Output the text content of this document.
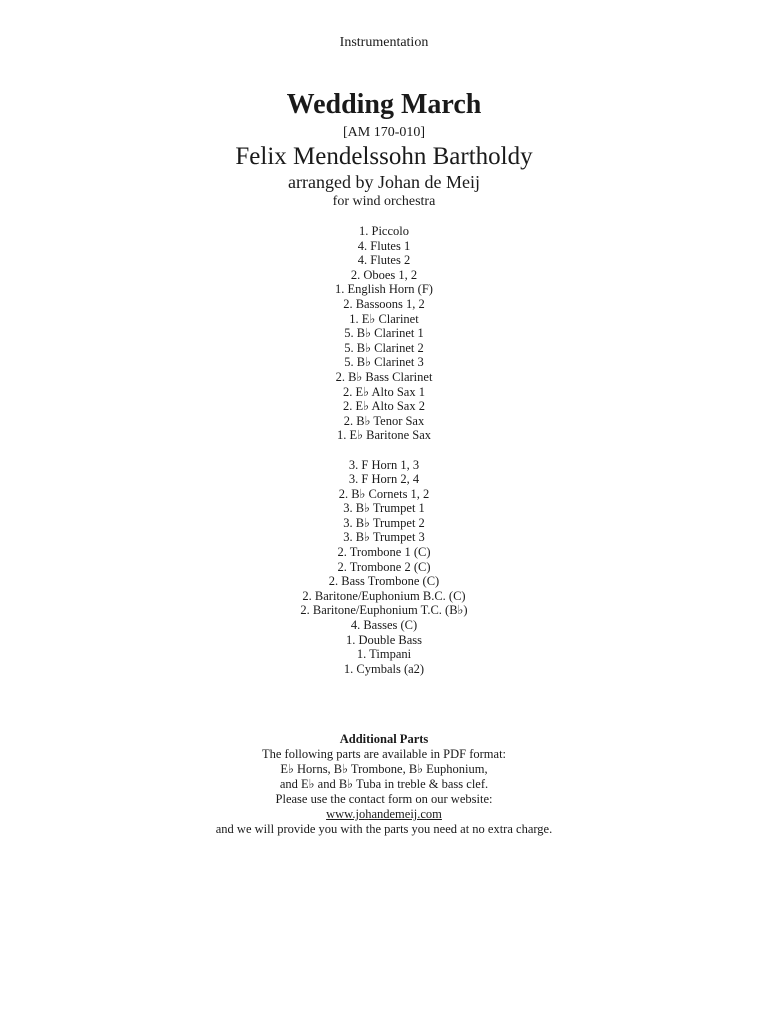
Instrumentation
Wedding March
[AM 170-010]
Felix Mendelssohn Bartholdy
arranged by Johan de Meij
for wind orchestra
1. Piccolo
4. Flutes 1
4. Flutes 2
2. Oboes 1, 2
1. English Horn (F)
2. Bassoons 1, 2
1. E♭ Clarinet
5. B♭ Clarinet 1
5. B♭ Clarinet 2
5. B♭ Clarinet 3
2. B♭ Bass Clarinet
2. E♭ Alto Sax 1
2. E♭ Alto Sax 2
2. B♭ Tenor Sax
1. E♭ Baritone Sax
3. F Horn 1, 3
3. F Horn 2, 4
2. B♭ Cornets 1, 2
3. B♭ Trumpet 1
3. B♭ Trumpet 2
3. B♭ Trumpet 3
2. Trombone 1 (C)
2. Trombone 2 (C)
2. Bass Trombone (C)
2. Baritone/Euphonium B.C. (C)
2. Baritone/Euphonium T.C. (B♭)
4. Basses (C)
1. Double Bass
1. Timpani
1. Cymbals (a2)
Additional Parts
The following parts are available in PDF format:
E♭ Horns, B♭ Trombone, B♭ Euphonium,
and E♭ and B♭ Tuba in treble & bass clef.
Please use the contact form on our website:
www.johandemeij.com
and we will provide you with the parts you need at no extra charge.
